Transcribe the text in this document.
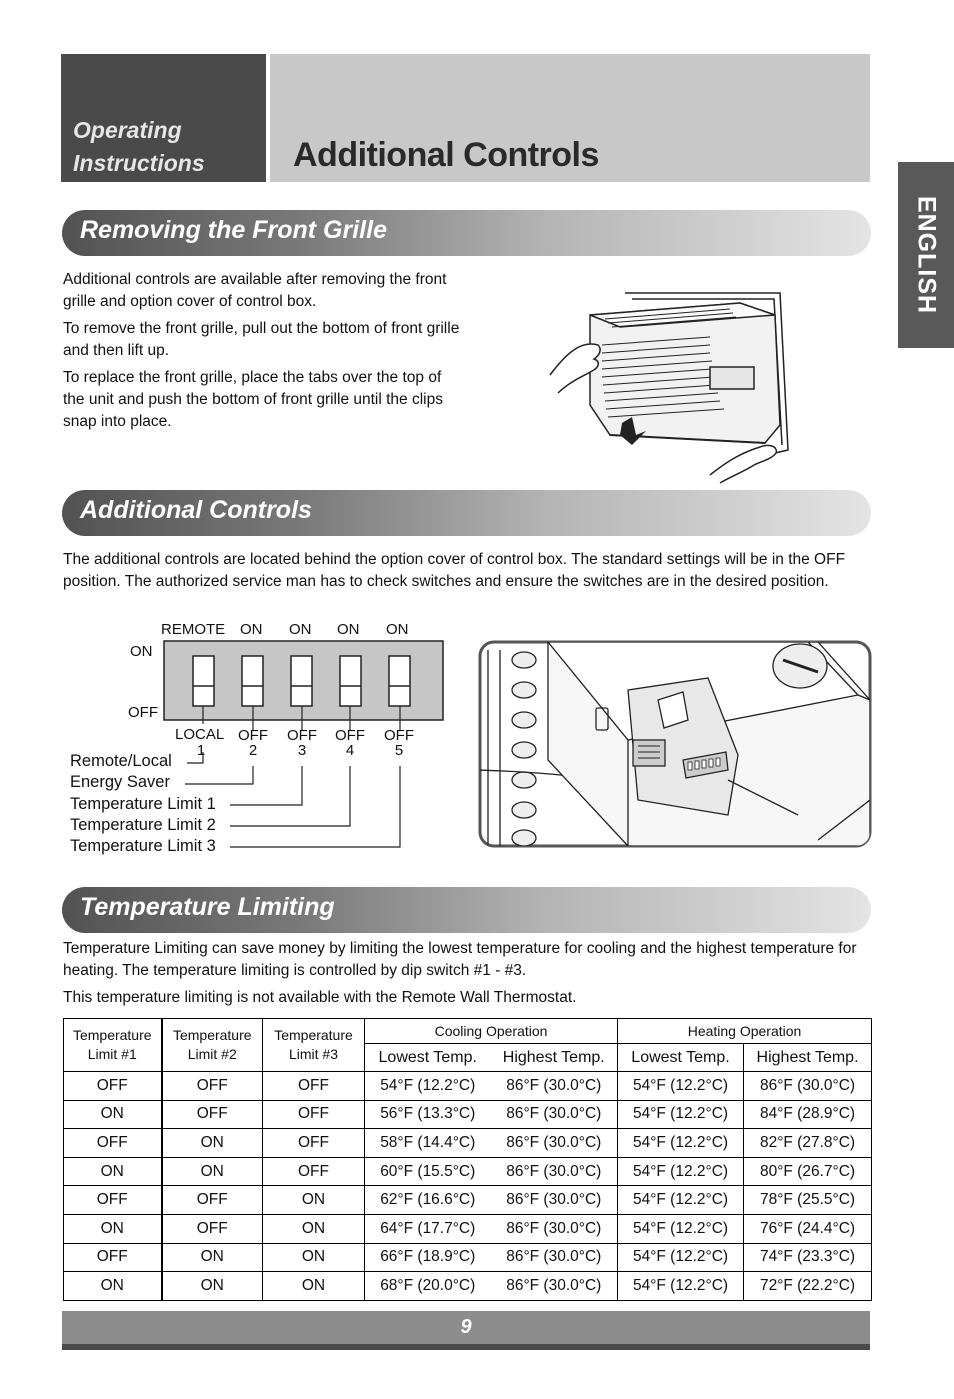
Operating
Instructions	Additional Controls
ENGLISH
Removing the Front Grille
Additional controls are available after removing the front grille and option cover of control box.
To remove the front grille, pull out the bottom of front grille and then lift up.
To replace the front grille, place the tabs over the top of the unit and push the bottom of front grille until the clips snap into place.
Additional Controls
The additional controls are located behind the option cover of control box. The standard settings will be in the OFF position. The authorized service man has to check switches and ensure the switches are in the desired position.
REMOTE ON ON ON ON
ON
OFF
LOCAL OFF OFF OFF OFF
1	2	3	4	5
Remote/Local
Energy Saver
Temperature Limit 1
Temperature Limit 2
Temperature Limit 3
Temperature Limiting
Temperature Limiting can save money by limiting the lowest temperature for cooling and the highest temperature for heating. The temperature limiting is controlled by dip switch #1 - #3.
This temperature limiting is not available with the Remote Wall Thermostat.
Temperature Limit #1	Temperature Limit #2	Temperature Limit #3	Cooling Operation		Heating Operation	
			Lowest Temp.	Highest Temp.	Lowest Temp.	Highest Temp.
OFF	OFF	OFF	54°F (12.2°C)	86°F (30.0°C)	54°F (12.2°C)	86°F (30.0°C)
ON	OFF	OFF	56°F (13.3°C)	86°F (30.0°C)	54°F (12.2°C)	84°F (28.9°C)
OFF	ON	OFF	58°F (14.4°C)	86°F (30.0°C)	54°F (12.2°C)	82°F (27.8°C)
ON	ON	OFF	60°F (15.5°C)	86°F (30.0°C)	54°F (12.2°C)	80°F (26.7°C)
OFF	OFF	ON	62°F (16.6°C)	86°F (30.0°C)	54°F (12.2°C)	78°F (25.5°C)
ON	OFF	ON	64°F (17.7°C)	86°F (30.0°C)	54°F (12.2°C)	76°F (24.4°C)
OFF	ON	ON	66°F (18.9°C)	86°F (30.0°C)	54°F (12.2°C)	74°F (23.3°C)
ON	ON	ON	68°F (20.0°C)	86°F (30.0°C)	54°F (12.2°C)	72°F (22.2°C)
9
